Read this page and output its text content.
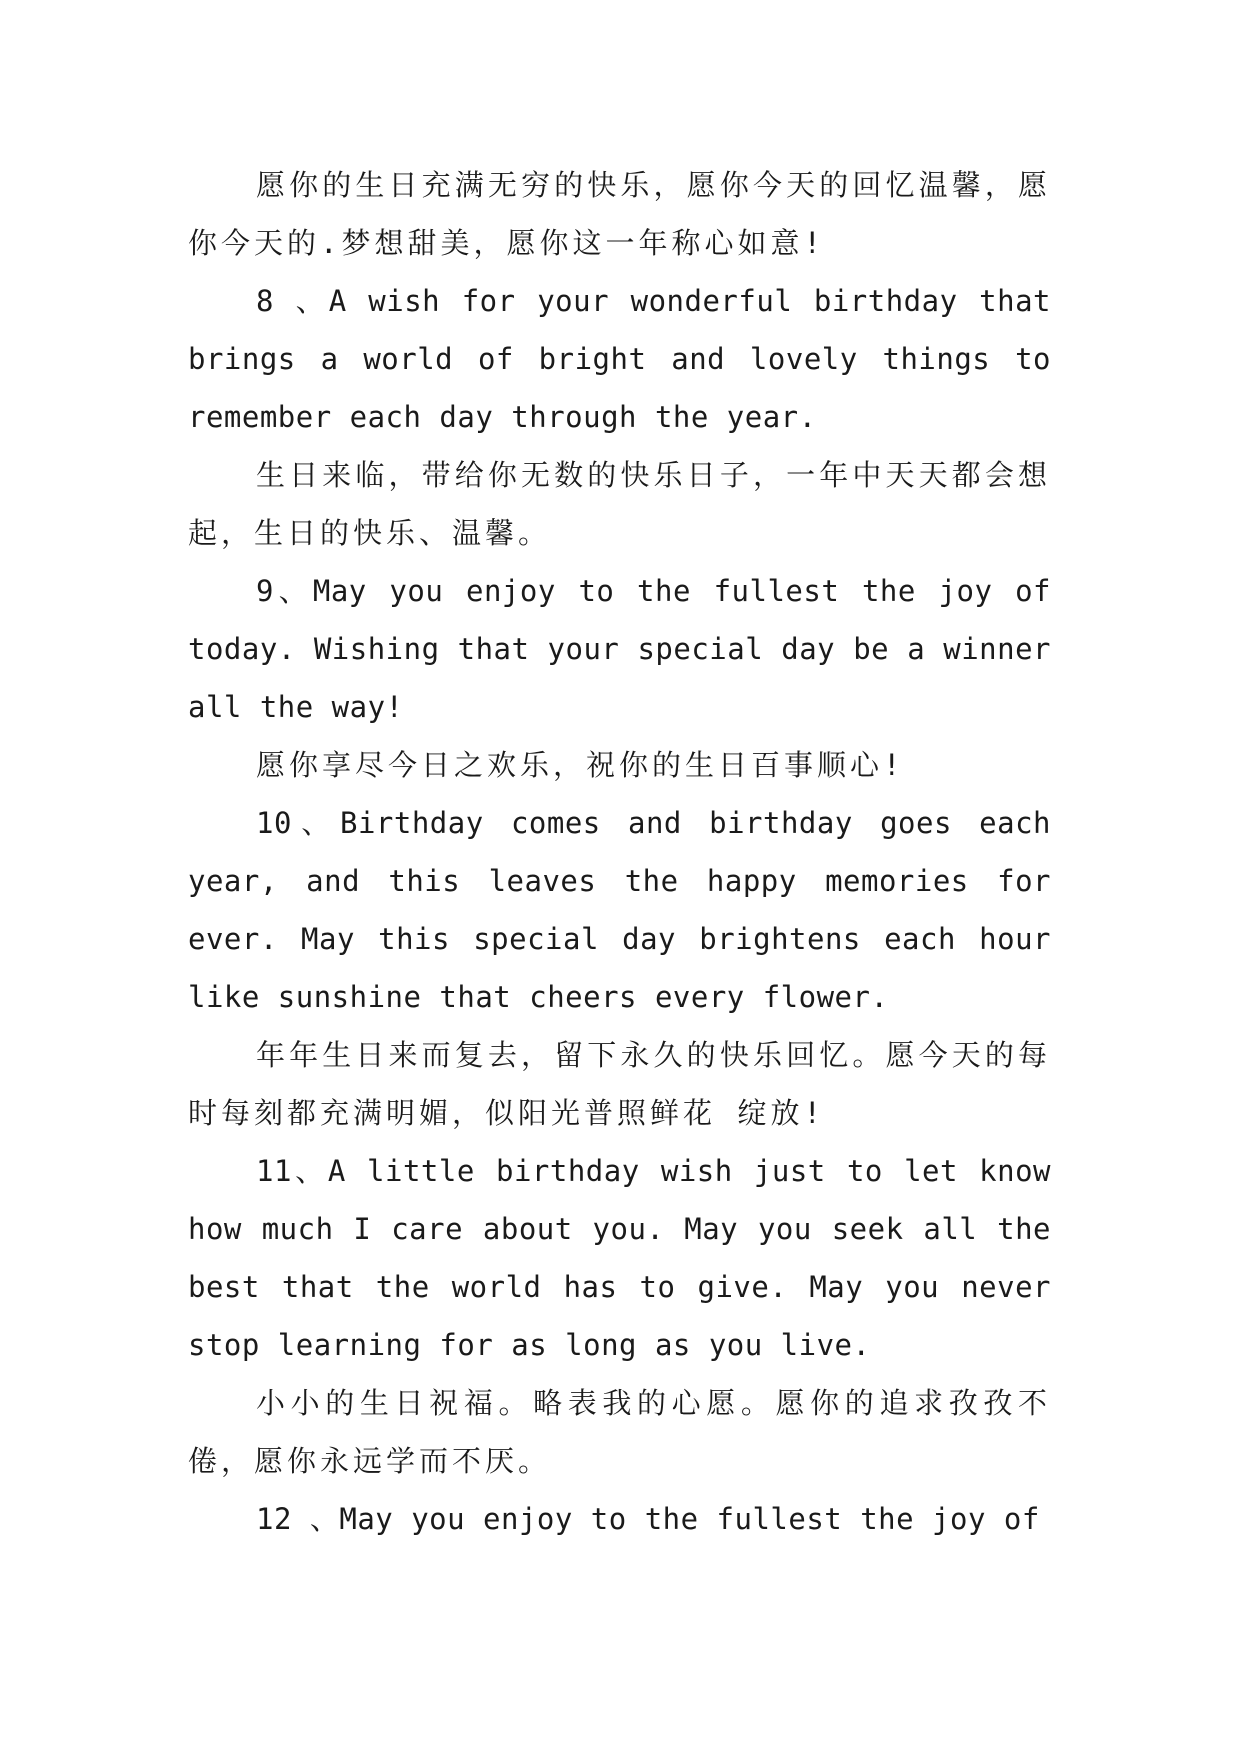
愿你的生日充满无穷的快乐，愿你今天的回忆温馨，愿你今天的.梦想甜美，愿你这一年称心如意!

8 、A wish for your wonderful birthday that brings a world of bright and lovely things to remember each day through the year.

生日来临，带给你无数的快乐日子，一年中天天都会想起，生日的快乐、温馨。

9、May you enjoy to the fullest the joy of today. Wishing that your special day be a winner all the way!

愿你享尽今日之欢乐，祝你的生日百事顺心!

10、Birthday comes and birthday goes each year, and this leaves the happy memories for ever. May this special day brightens each hour like sunshine that cheers every flower.

年年生日来而复去，留下永久的快乐回忆。愿今天的每时每刻都充满明媚，似阳光普照鲜花 绽放!

11、A little birthday wish just to let know how much I care about you. May you seek all the best that the world has to give. May you never stop learning for as long as you live.

小小的生日祝福。略表我的心愿。愿你的追求孜孜不倦，愿你永远学而不厌。

12 、May you enjoy to the fullest the joy of
